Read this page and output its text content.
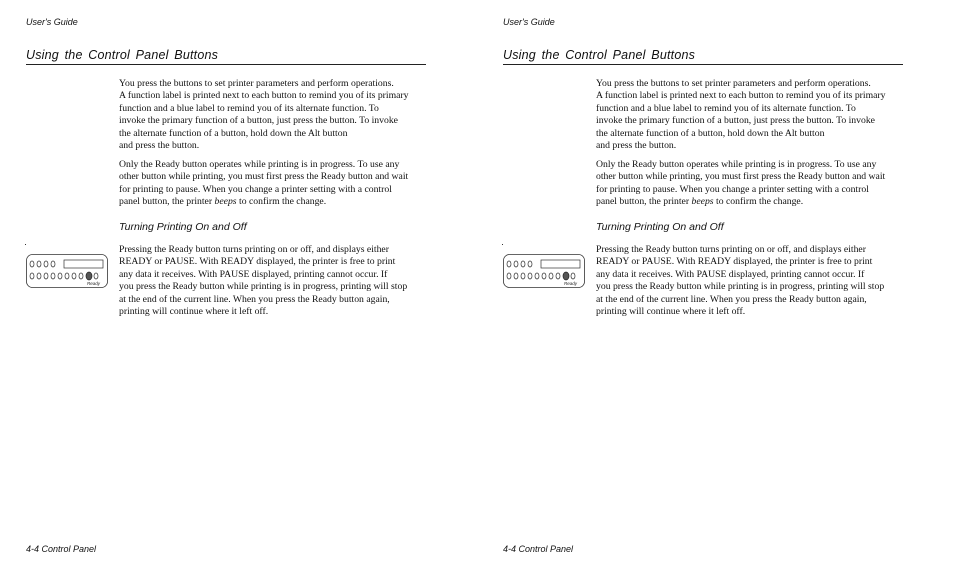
User's Guide
Using the Control Panel Buttons

You press the buttons to set printer parameters and perform operations.

A function label is printed next to each button to remind you of its primary

function and a blue label to remind you of its alternate function. To

invoke the primary function of a button, just press the button. To invoke

the alternate function of a button, hold down the Alt button

and press the button.

Only the Ready button operates while printing is in progress. To use any

other button while printing, you must first press the Ready button and wait

for printing to pause. When you change a printer setting with a control

panel button, the printer beeps to confirm the change.

Turning Printing On and Off
Ready

Pressing the Ready button turns printing on or off, and displays either

READY or PAUSE. With READY displayed, the printer is free to print

any data it receives. With PAUSE displayed, printing cannot occur. If

you press the Ready button while printing is in progress, printing will stop

at the end of the current line. When you press the Ready button again,

printing will continue where it left off.

4-4 Control Panel
User's Guide
Using the Control Panel Buttons

You press the buttons to set printer parameters and perform operations.

A function label is printed next to each button to remind you of its primary

function and a blue label to remind you of its alternate function. To

invoke the primary function of a button, just press the button. To invoke

the alternate function of a button, hold down the Alt button

and press the button.

Only the Ready button operates while printing is in progress. To use any

other button while printing, you must first press the Ready button and wait

for printing to pause. When you change a printer setting with a control

panel button, the printer beeps to confirm the change.

Turning Printing On and Off
Ready

Pressing the Ready button turns printing on or off, and displays either

READY or PAUSE. With READY displayed, the printer is free to print

any data it receives. With PAUSE displayed, printing cannot occur. If

you press the Ready button while printing is in progress, printing will stop

at the end of the current line. When you press the Ready button again,

printing will continue where it left off.

4-4 Control Panel
